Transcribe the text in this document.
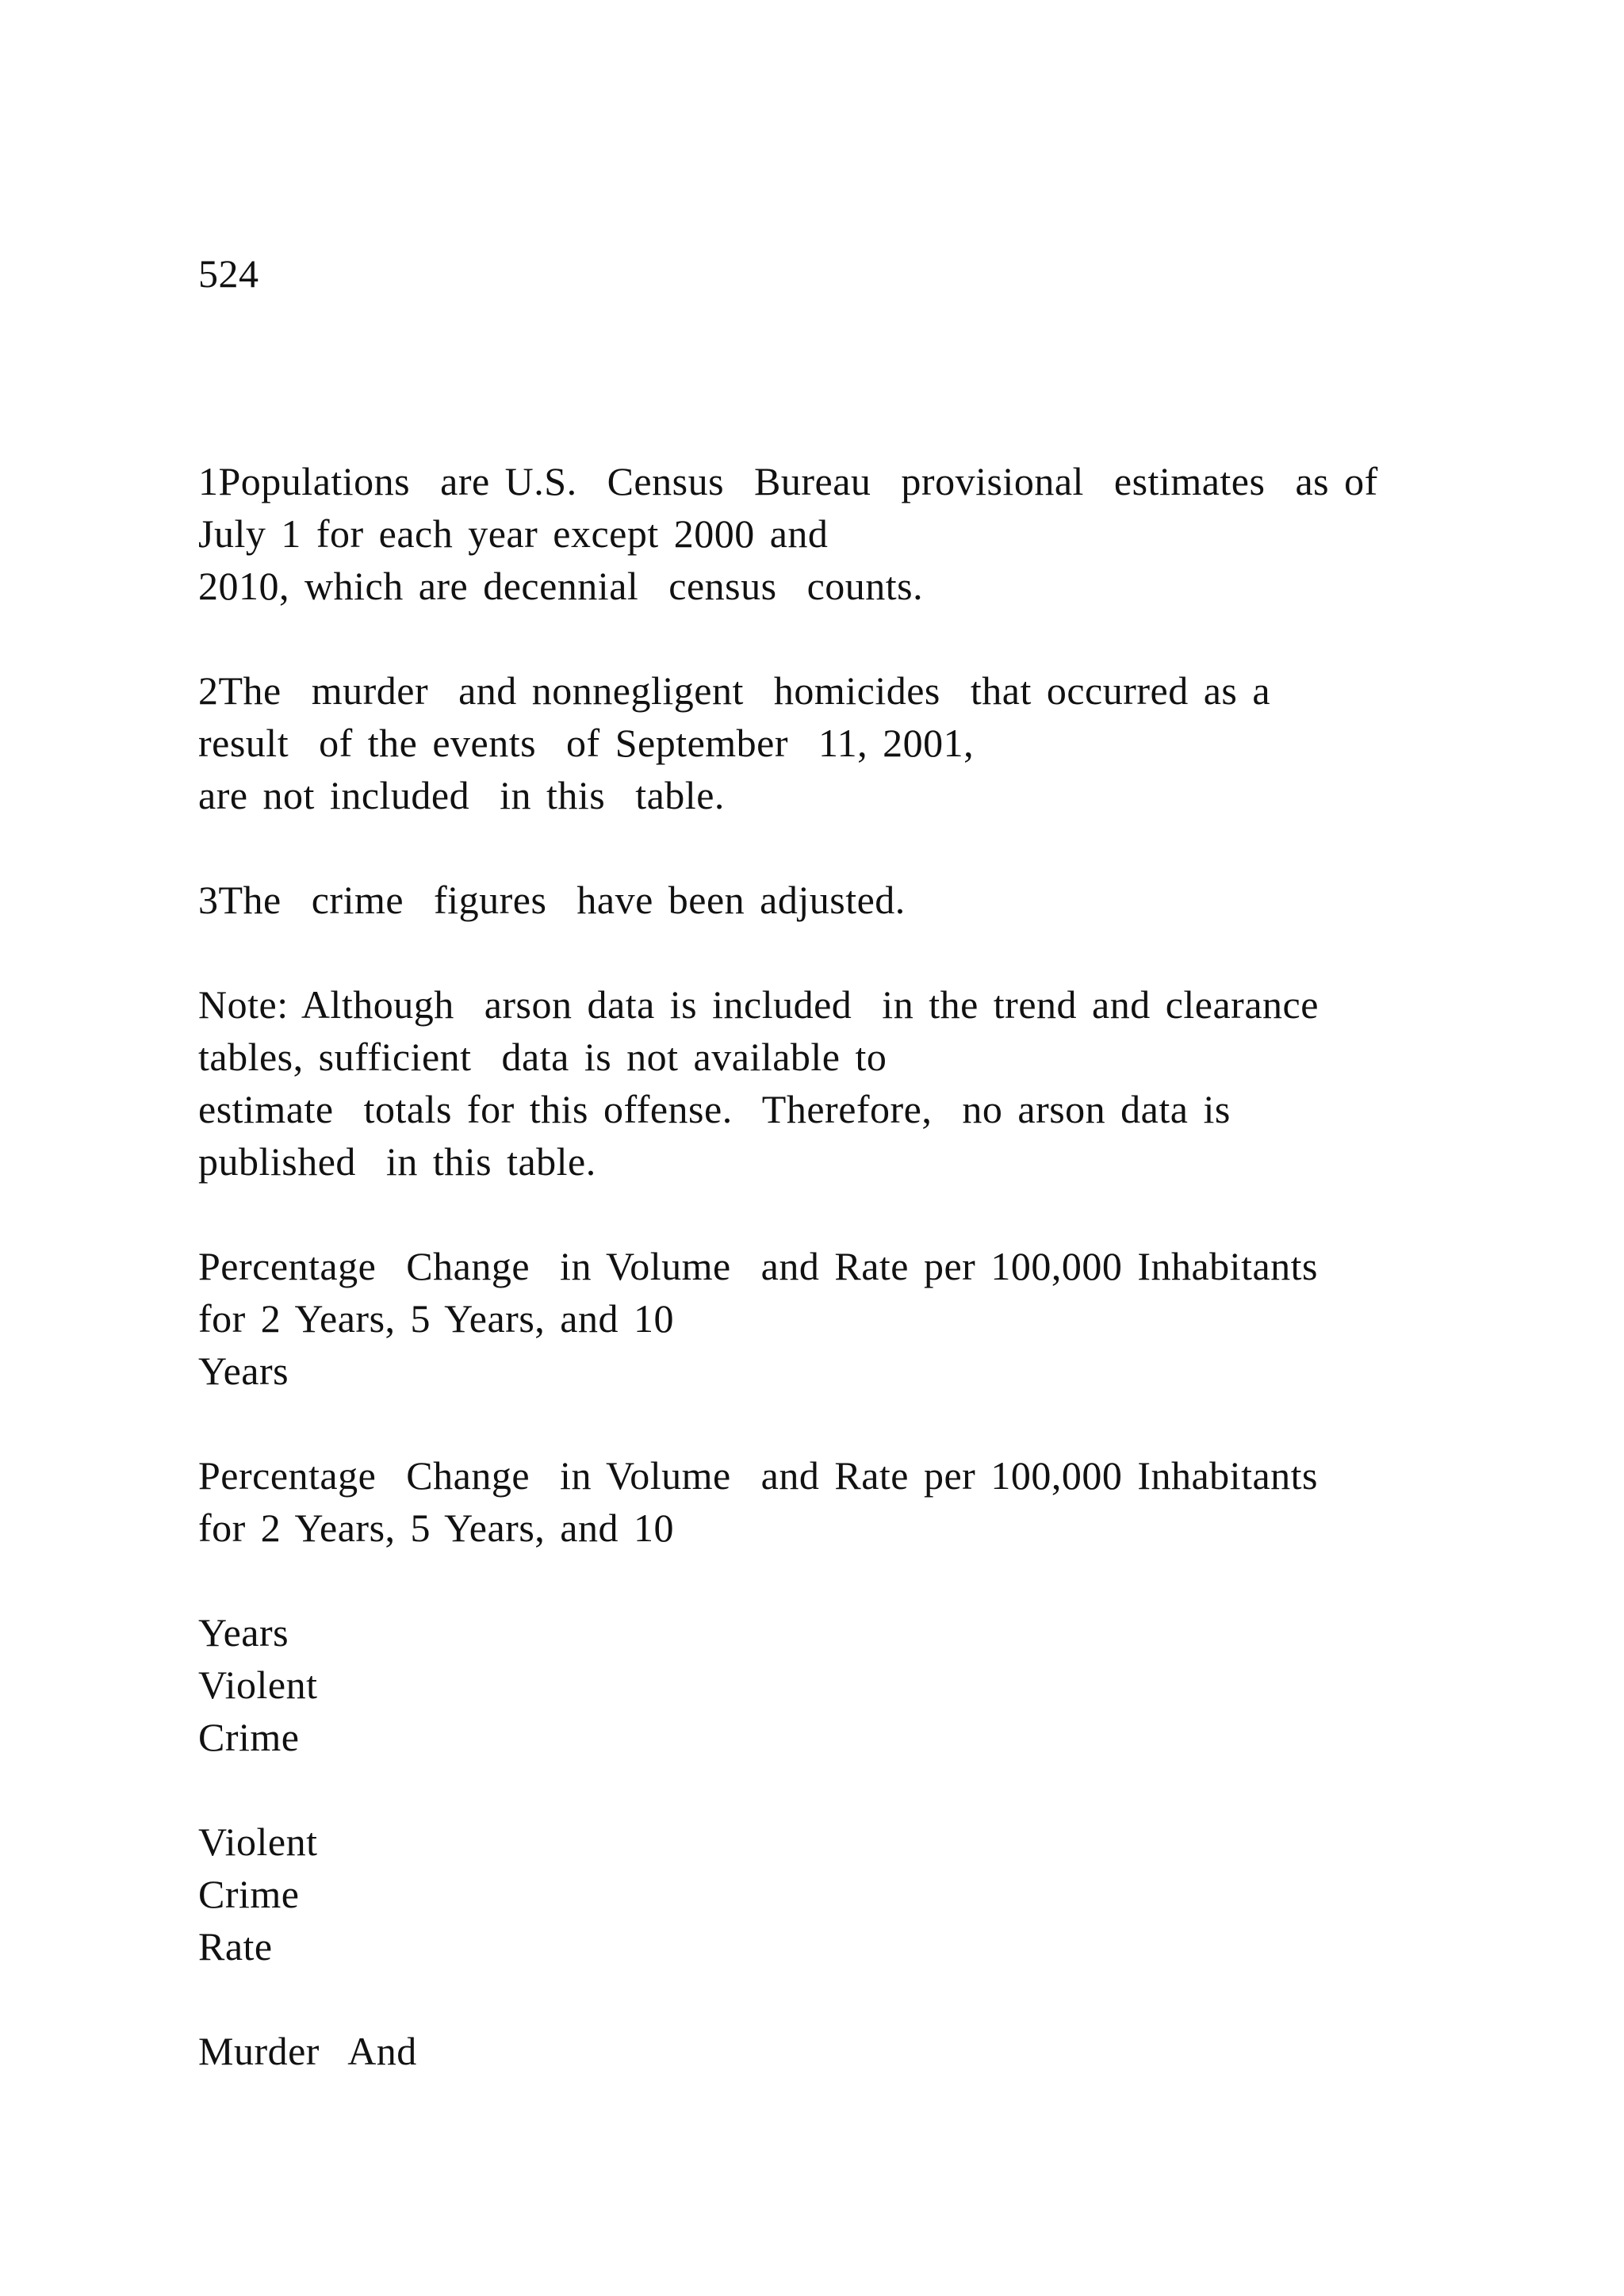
524

1Populations  are U.S.  Census  Bureau  provisional  estimates  as of

July 1 for each year except 2000 and

2010, which are decennial  census  counts.

2The  murder  and nonnegligent  homicides  that occurred as a

result  of the events  of September  11, 2001,

are not included  in this  table.

3The  crime  figures  have been adjusted.

Note: Although  arson data is included  in the trend and clearance

tables, sufficient  data is not available to

estimate  totals for this offense.  Therefore,  no arson data is

published  in this table.

Percentage  Change  in Volume  and Rate per 100,000 Inhabitants

for 2 Years, 5 Years, and 10

Years

Percentage  Change  in Volume  and Rate per 100,000 Inhabitants

for 2 Years, 5 Years, and 10

Years

Violent

Crime

Violent

Crime

Rate

Murder  And
